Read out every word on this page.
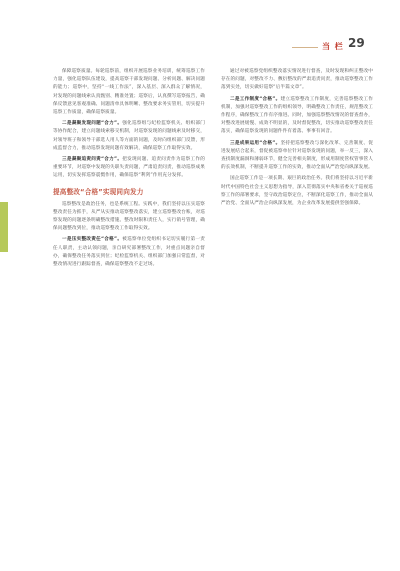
当 栏 29

保障巡察质量。每轮巡察前，组织开展巡察业务培训，统筹巡察工作力量，强化巡察队伍建设，提高巡察干部发现问题、分析问题、解决问题的能力；巡察中，坚持“一线工作法”，深入基层、深入群众了解情况，对发现的问题线索认真甄别、精准处置；巡察后，认真撰写巡察报告，确保反馈意见客观准确、问题清单具体明晰、整改要求务实管用，切实提升巡察工作质量，确保巡察质量。

二是凝聚发现问题“合力”。强化巡察组与纪检监察机关、组织部门等协作配合，建立问题线索移交机制，对巡察发现的问题线索及时移交，对领导班子和领导干部选人用人等方面的问题，及时向组织部门反馈，形成监督合力，推动巡察发现问题有效解决，确保巡察工作取得实效。

三是凝聚追责问责“合力”。把发现问题、追责问责作为巡察工作的重要环节，对巡察中发现的失职失责问题，严肃追责问责，推动巡察成果运用，切实发挥巡察震慑作用，确保巡察“利剑”作用充分发挥。

提高整改“合格”实现同向发力

巡察整改是政治任务，也是系统工程。实践中，我们坚持以压实巡察整改责任为抓手，从严从实推动巡察整改落实，建立巡察整改台账，对巡察发现的问题逐条明确整改措施、整改时限和责任人，实行销号管理，确保问题整改到位，推动巡察整改工作取得实效。

一是压实整改责任“合格”。被巡察单位党组织书记切实履行第一责任人职责，主动认领问题，亲自研究部署整改工作，对重点问题亲自督办，确保整改任务落实到位；纪检监察机关、组织部门加强日常监督，对整改情况进行跟踪督查，确保巡察整改不走过场。

通过对被巡察党组织整改落实情况进行督查，及时发现和纠正整改中存在的问题，对整改不力、敷衍整改的严肃追责问责，推动巡察整改工作落到实处，切实做好巡察“后半篇文章”。

二是工作制度“合格”。建立巡察整改工作制度，完善巡察整改工作机制，加强对巡察整改工作的组织领导，明确整改工作责任，规范整改工作程序，确保整改工作有序推进。同时，加强巡察整改情况的督查督办，对整改进展缓慢、成效不明显的，及时督促整改，切实推动巡察整改责任落实，确保巡察发现的问题件件有着落、事事有回音。

三是成果运用“合格”。坚持把巡察整改与深化改革、完善制度、促进发展结合起来，督促被巡察单位针对巡察发现的问题，举一反三，深入查找制度漏洞和薄弱环节，健全完善相关制度，形成用制度管权管事管人的长效机制，不断提升巡察工作的实效，推动全面从严治党向纵深发展。

国企巡察工作是一项长期、艰巨的政治任务。我们将坚持以习近平新时代中国特色社会主义思想为指导，深入贯彻落实中央和省委关于巡视巡察工作的部署要求，坚守政治巡察定位，不断深化巡察工作，推动全面从严治党、全面从严治企向纵深发展，为企业改革发展提供坚强保障。
